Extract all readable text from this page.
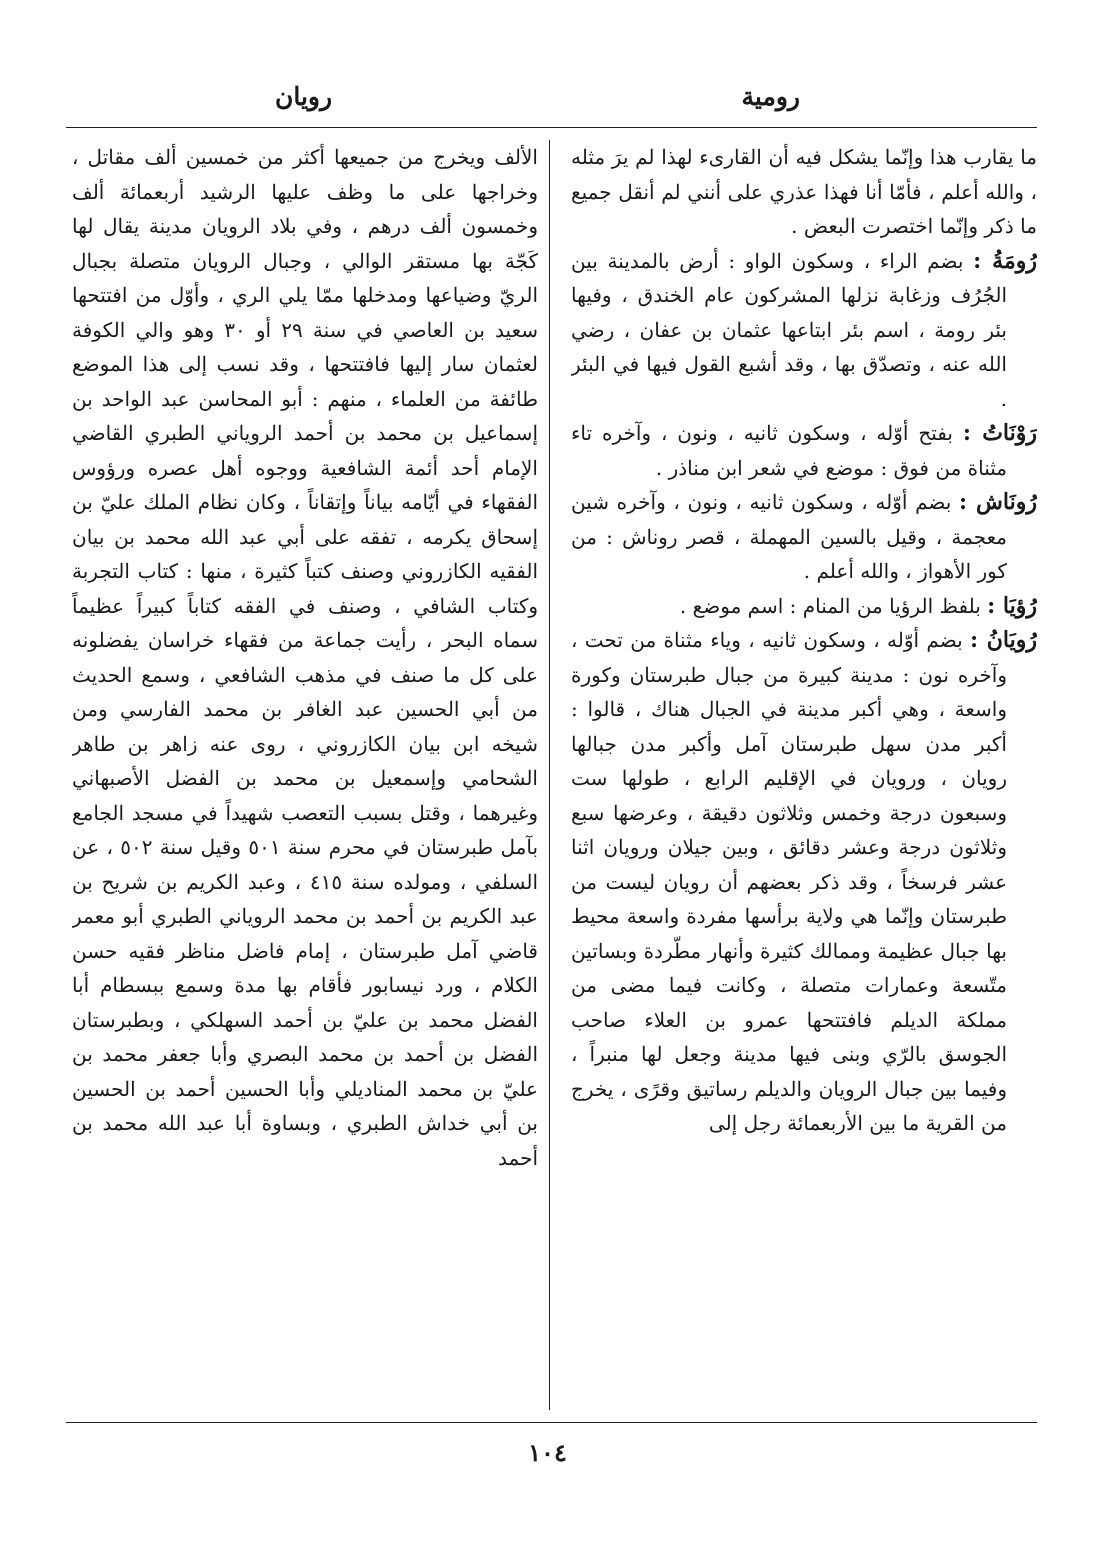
رومية
رويان

ما يقارب هذا وإنّما يشكل فيه أن القارىء لهذا لم يرَ مثله ، والله أعلم ، فأمّا أنا فهذا عذري على أنني لم أنقل جميع ما ذكر وإنّما اختصرت البعض .

رُومَةُ : بضم الراء ، وسكون الواو : أرض بالمدينة بين الجُرُف وزغابة نزلها المشركون عام الخندق ، وفيها بئر رومة ، اسم بئر ابتاعها عثمان بن عفان ، رضي الله عنه ، وتصدّق بها ، وقد أشبع القول فيها في البئر .

رَوْنَاتُ : بفتح أوّله ، وسكون ثانيه ، ونون ، وآخره تاء مثناة من فوق : موضع في شعر ابن مناذر .

رُونَاش : بضم أوّله ، وسكون ثانيه ، ونون ، وآخره شين معجمة ، وقيل بالسين المهملة ، قصر روناش : من كور الأهواز ، والله أعلم .

رُؤيَا : بلفظ الرؤيا من المنام : اسم موضع .

رُويَانُ : بضم أوّله ، وسكون ثانيه ، وياء مثناة من تحت ، وآخره نون : مدينة كبيرة من جبال طبرستان وكورة واسعة ، وهي أكبر مدينة في الجبال هناك ، قالوا : أكبر مدن سهل طبرستان آمل وأكبر مدن جبالها رويان ، ورويان في الإقليم الرابع ، طولها ست وسبعون درجة وخمس وثلاثون دقيقة ، وعرضها سبع وثلاثون درجة وعشر دقائق ، وبين جيلان ورويان اثنا عشر فرسخاً ، وقد ذكر بعضهم أن رويان ليست من طبرستان وإنّما هي ولاية برأسها مفردة واسعة محيط بها جبال عظيمة وممالك كثيرة وأنهار مطّردة وبساتين متّسعة وعمارات متصلة ، وكانت فيما مضى من مملكة الديلم فافتتحها عمرو بن العلاء صاحب الجوسق بالرّي وبنى فيها مدينة وجعل لها منبراً ، وفيما بين جبال الرويان والديلم رساتيق وقرًى ، يخرج من القرية ما بين الأربعمائة رجل إلى

الألف ويخرج من جميعها أكثر من خمسين ألف مقاتل ، وخراجها على ما وظف عليها الرشيد أربعمائة ألف وخمسون ألف درهم ، وفي بلاد الرويان مدينة يقال لها كَجّة بها مستقر الوالي ، وجبال الرويان متصلة بجبال الريّ وضياعها ومدخلها ممّا يلي الري ، وأوّل من افتتحها سعيد بن العاصي في سنة ٢٩ أو ٣٠ وهو والي الكوفة لعثمان سار إليها فافتتحها ، وقد نسب إلى هذا الموضع طائفة من العلماء ، منهم : أبو المحاسن عبد الواحد بن إسماعيل بن محمد بن أحمد الروياني الطبري القاضي الإمام أحد أئمة الشافعية ووجوه أهل عصره ورؤوس الفقهاء في أيّامه بياناً وإتقاناً ، وكان نظام الملك عليّ بن إسحاق يكرمه ، تفقه على أبي عبد الله محمد بن بيان الفقيه الكازروني وصنف كتباً كثيرة ، منها : كتاب التجربة وكتاب الشافي ، وصنف في الفقه كتاباً كبيراً عظيماً سماه البحر ، رأيت جماعة من فقهاء خراسان يفضلونه على كل ما صنف في مذهب الشافعي ، وسمع الحديث من أبي الحسين عبد الغافر بن محمد الفارسي ومن شيخه ابن بيان الكازروني ، روى عنه زاهر بن طاهر الشحامي وإسمعيل بن محمد بن الفضل الأصبهاني وغيرهما ، وقتل بسبب التعصب شهيداً في مسجد الجامع بآمل طبرستان في محرم سنة ٥٠١ وقيل سنة ٥٠٢ ، عن السلفي ، ومولده سنة ٤١٥ ، وعبد الكريم بن شريح بن عبد الكريم بن أحمد بن محمد الروياني الطبري أبو معمر قاضي آمل طبرستان ، إمام فاضل مناظر فقيه حسن الكلام ، ورد نيسابور فأقام بها مدة وسمع ببسطام أبا الفضل محمد بن عليّ بن أحمد السهلكي ، وبطبرستان الفضل بن أحمد بن محمد البصري وأبا جعفر محمد بن عليّ بن محمد المناديلي وأبا الحسين أحمد بن الحسين بن أبي خداش الطبري ، وبساوة أبا عبد الله محمد بن أحمد

١٠٤
